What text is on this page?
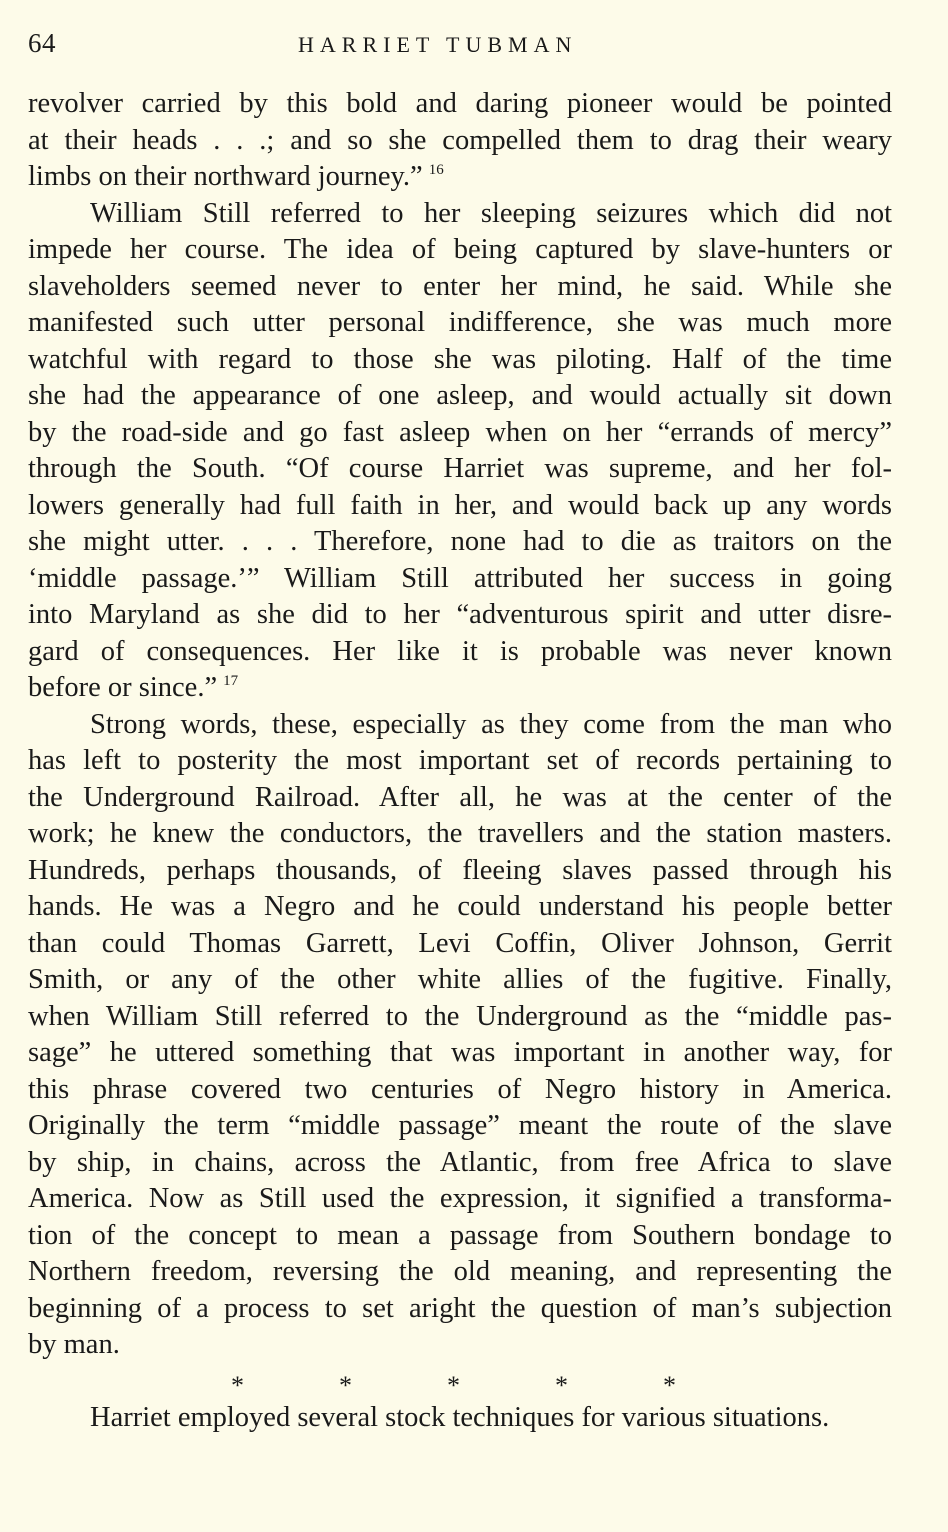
64	HARRIET TUBMAN
revolver carried by this bold and daring pioneer would be pointed
at their heads . . .; and so she compelled them to drag their weary
limbs on their northward journey.” $^{16}$
William Still referred to her sleeping seizures which did not
impede her course. The idea of being captured by slave-hunters or
slaveholders seemed never to enter her mind, he said. While she
manifested such utter personal indifference, she was much more
watchful with regard to those she was piloting. Half of the time
she had the appearance of one asleep, and would actually sit down
by the road-side and go fast asleep when on her “errands of mercy”
through the South. “Of course Harriet was supreme, and her fol-
lowers generally had full faith in her, and would back up any words
she might utter. . . . Therefore, none had to die as traitors on the
‘middle passage.’” William Still attributed her success in going
into Maryland as she did to her “adventurous spirit and utter disre-
gard of consequences. Her like it is probable was never known
before or since.” $^{17}$
Strong words, these, especially as they come from the man who
has left to posterity the most important set of records pertaining to
the Underground Railroad. After all, he was at the center of the
work; he knew the conductors, the travellers and the station masters.
Hundreds, perhaps thousands, of fleeing slaves passed through his
hands. He was a Negro and he could understand his people better
than could Thomas Garrett, Levi Coffin, Oliver Johnson, Gerrit
Smith, or any of the other white allies of the fugitive. Finally,
when William Still referred to the Underground as the “middle pas-
sage” he uttered something that was important in another way, for
this phrase covered two centuries of Negro history in America.
Originally the term “middle passage” meant the route of the slave
by ship, in chains, across the Atlantic, from free Africa to slave
America. Now as Still used the expression, it signified a transforma-
tion of the concept to mean a passage from Southern bondage to
Northern freedom, reversing the old meaning, and representing the
beginning of a process to set aright the question of man’s subjection
by man.
*	*	*	*	*
Harriet employed several stock techniques for various situations.
